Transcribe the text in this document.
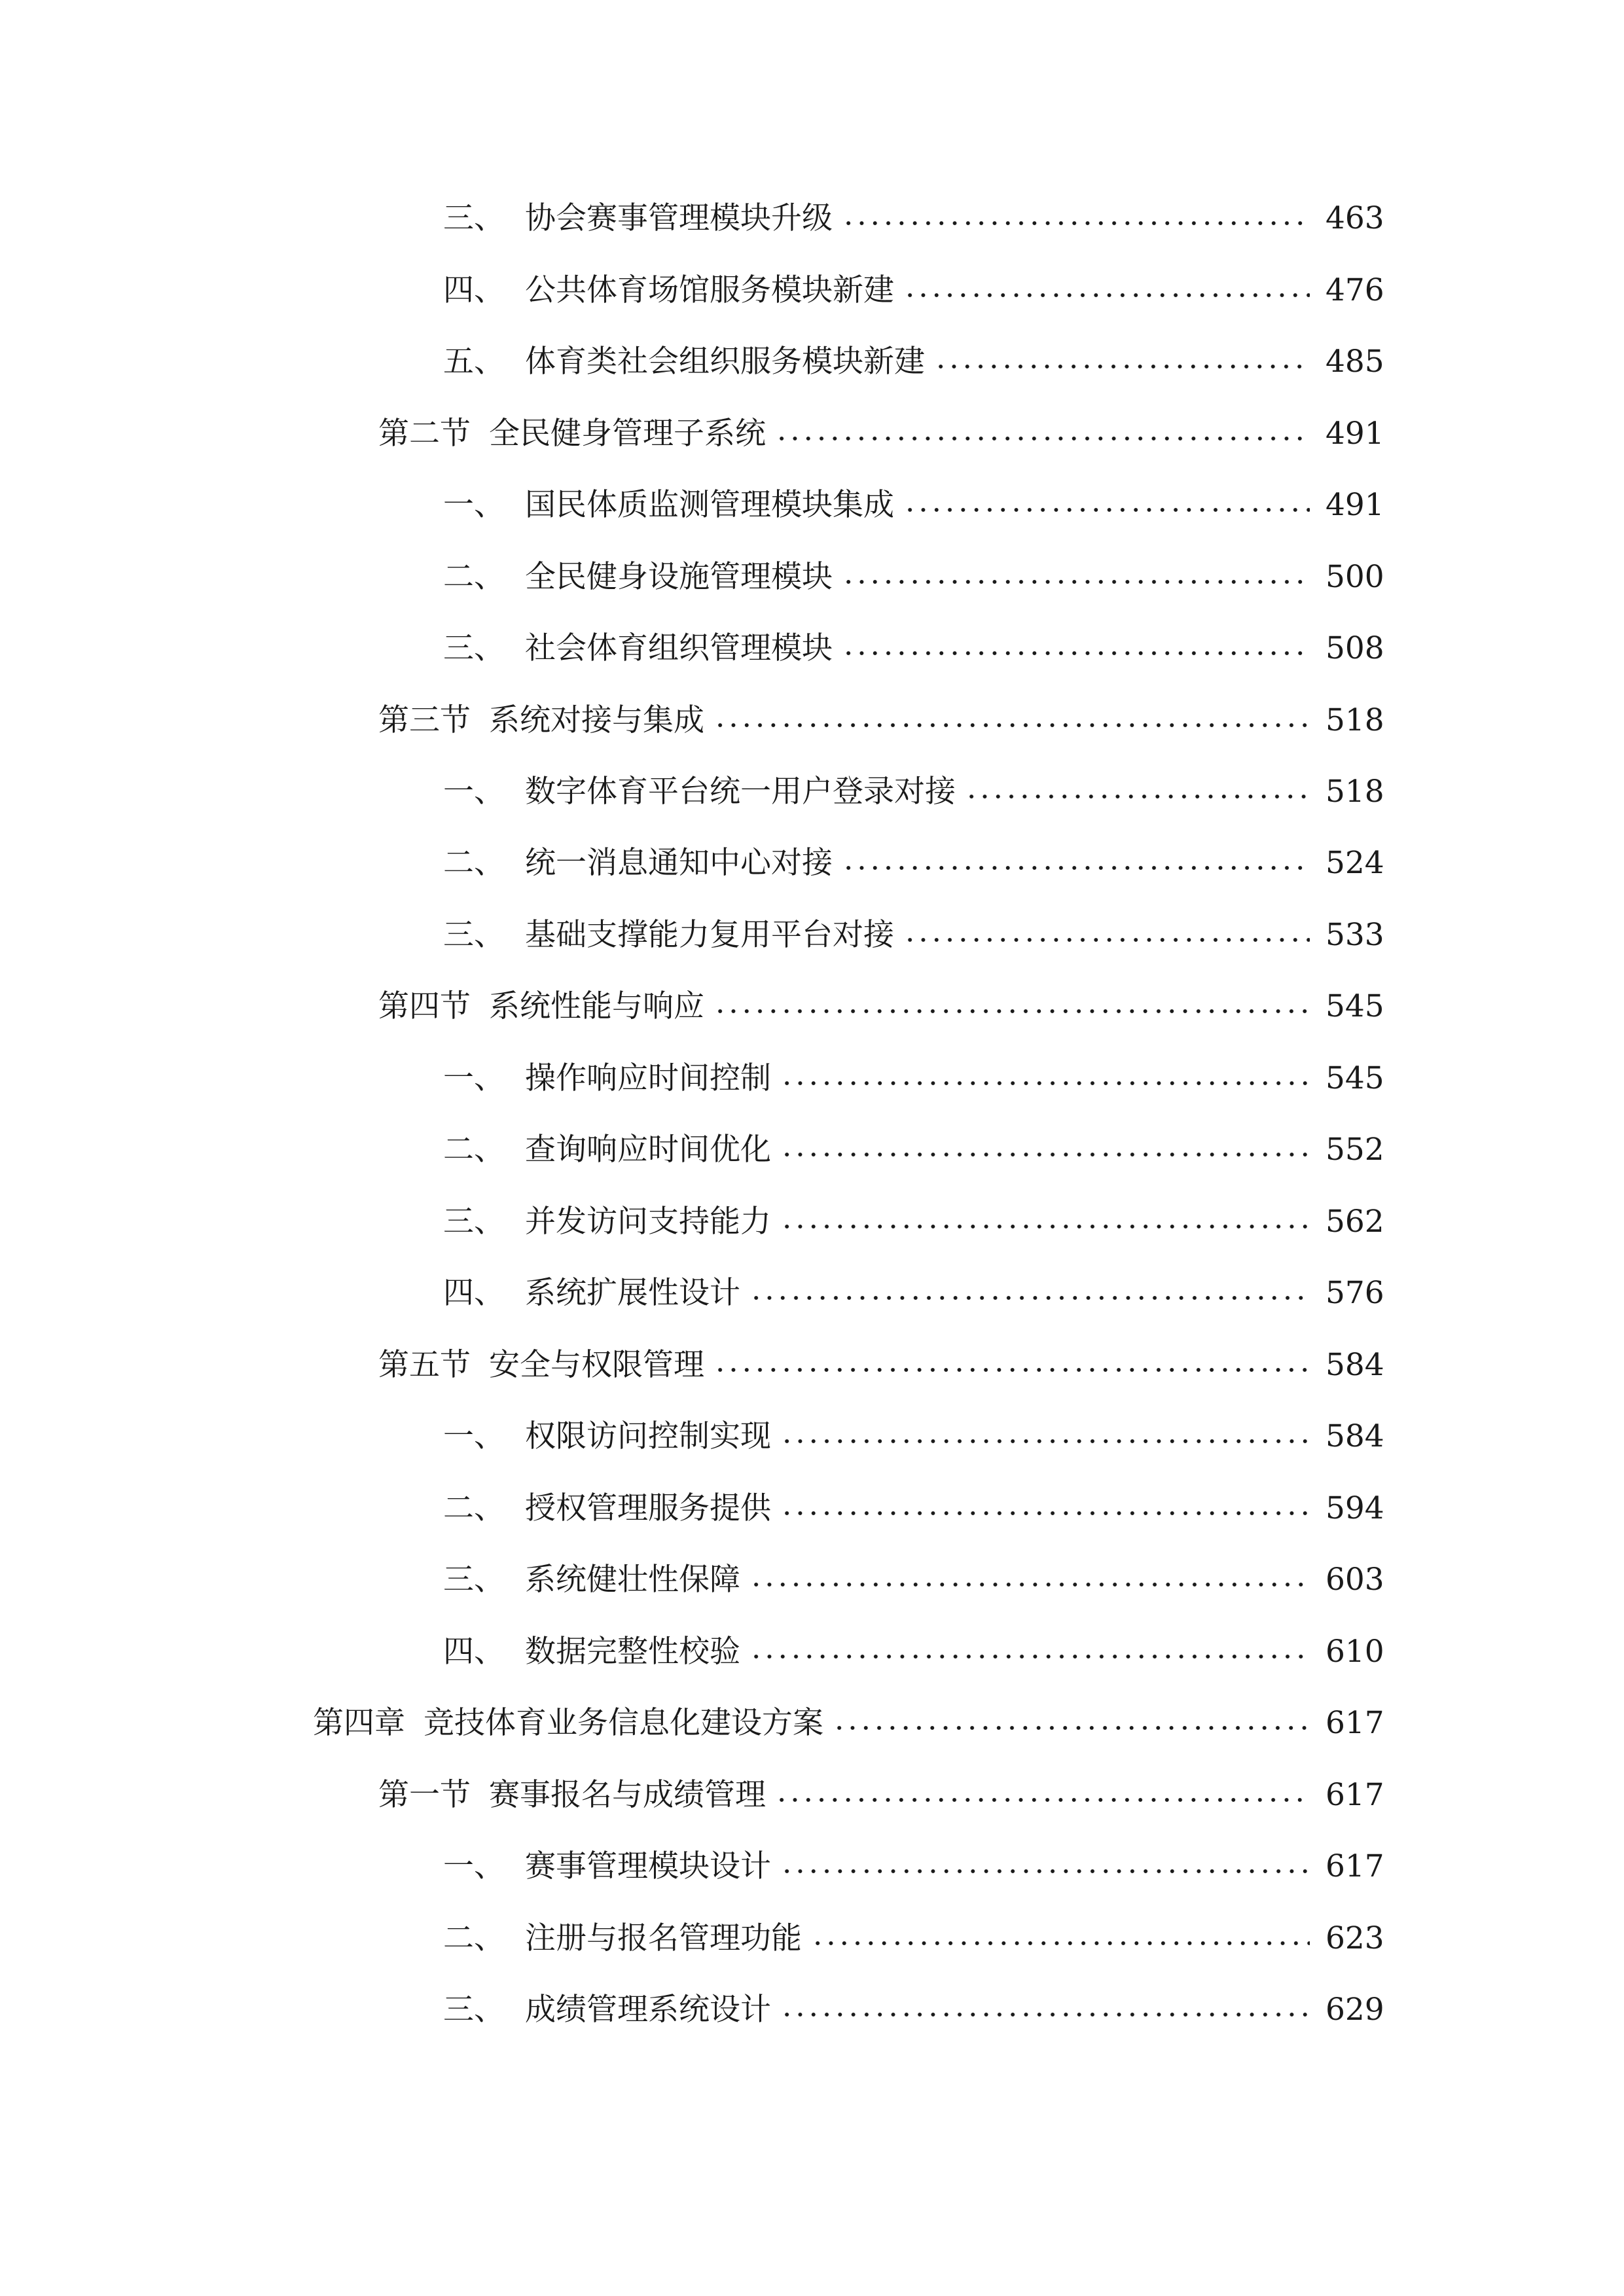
三、 协会赛事管理模块升级	463
四、 公共体育场馆服务模块新建	476
五、 体育类社会组织服务模块新建	485
第二节 全民健身管理子系统	491
一、 国民体质监测管理模块集成	491
二、 全民健身设施管理模块	500
三、 社会体育组织管理模块	508
第三节 系统对接与集成	518
一、 数字体育平台统一用户登录对接	518
二、 统一消息通知中心对接	524
三、 基础支撑能力复用平台对接	533
第四节 系统性能与响应	545
一、 操作响应时间控制	545
二、 查询响应时间优化	552
三、 并发访问支持能力	562
四、 系统扩展性设计	576
第五节 安全与权限管理	584
一、 权限访问控制实现	584
二、 授权管理服务提供	594
三、 系统健壮性保障	603
四、 数据完整性校验	610
第四章 竞技体育业务信息化建设方案	617
第一节 赛事报名与成绩管理	617
一、 赛事管理模块设计	617
二、 注册与报名管理功能	623
三、 成绩管理系统设计	629
